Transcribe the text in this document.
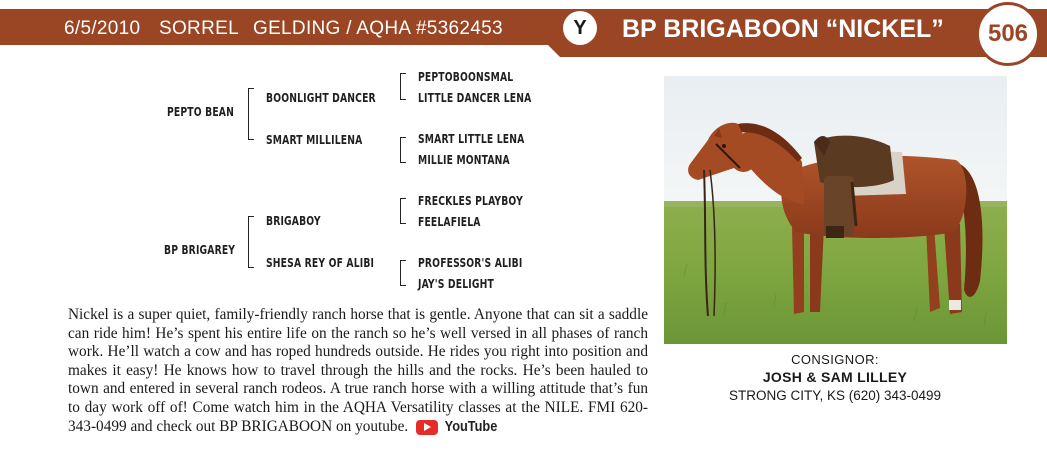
6/5/2010 SORREL GELDING / AQHA #5362453	Y	BP BRIGABOON “NICKEL”	506
PEPTO BEAN
BOONLIGHT DANCER
SMART MILLILENA
PEPTOBOONSMAL
LITTLE DANCER LENA
SMART LITTLE LENA
MILLIE MONTANA
BP BRIGAREY
BRIGABOY
SHESA REY OF ALIBI
FRECKLES PLAYBOY
FEELAFIELA
PROFESSOR'S ALIBI
JAY'S DELIGHT
Nickel is a super quiet, family-friendly ranch horse that is gentle. Anyone that can sit a saddle can ride him! He’s spent his entire life on the ranch so he’s well versed in all phases of ranch work. He’ll watch a cow and has roped hundreds outside. He rides you right into position and makes it easy! He knows how to travel through the hills and the rocks. He’s been hauled to town and entered in several ranch rodeos. A true ranch horse with a willing attitude that’s fun to day work off of! Come watch him in the AQHA Versatility classes at the NILE. FMI 620-343-0499 and check out BP BRIGABOON on youtube. YouTube
CONSIGNOR:
JOSH & SAM LILLEY
STRONG CITY, KS (620) 343-0499
